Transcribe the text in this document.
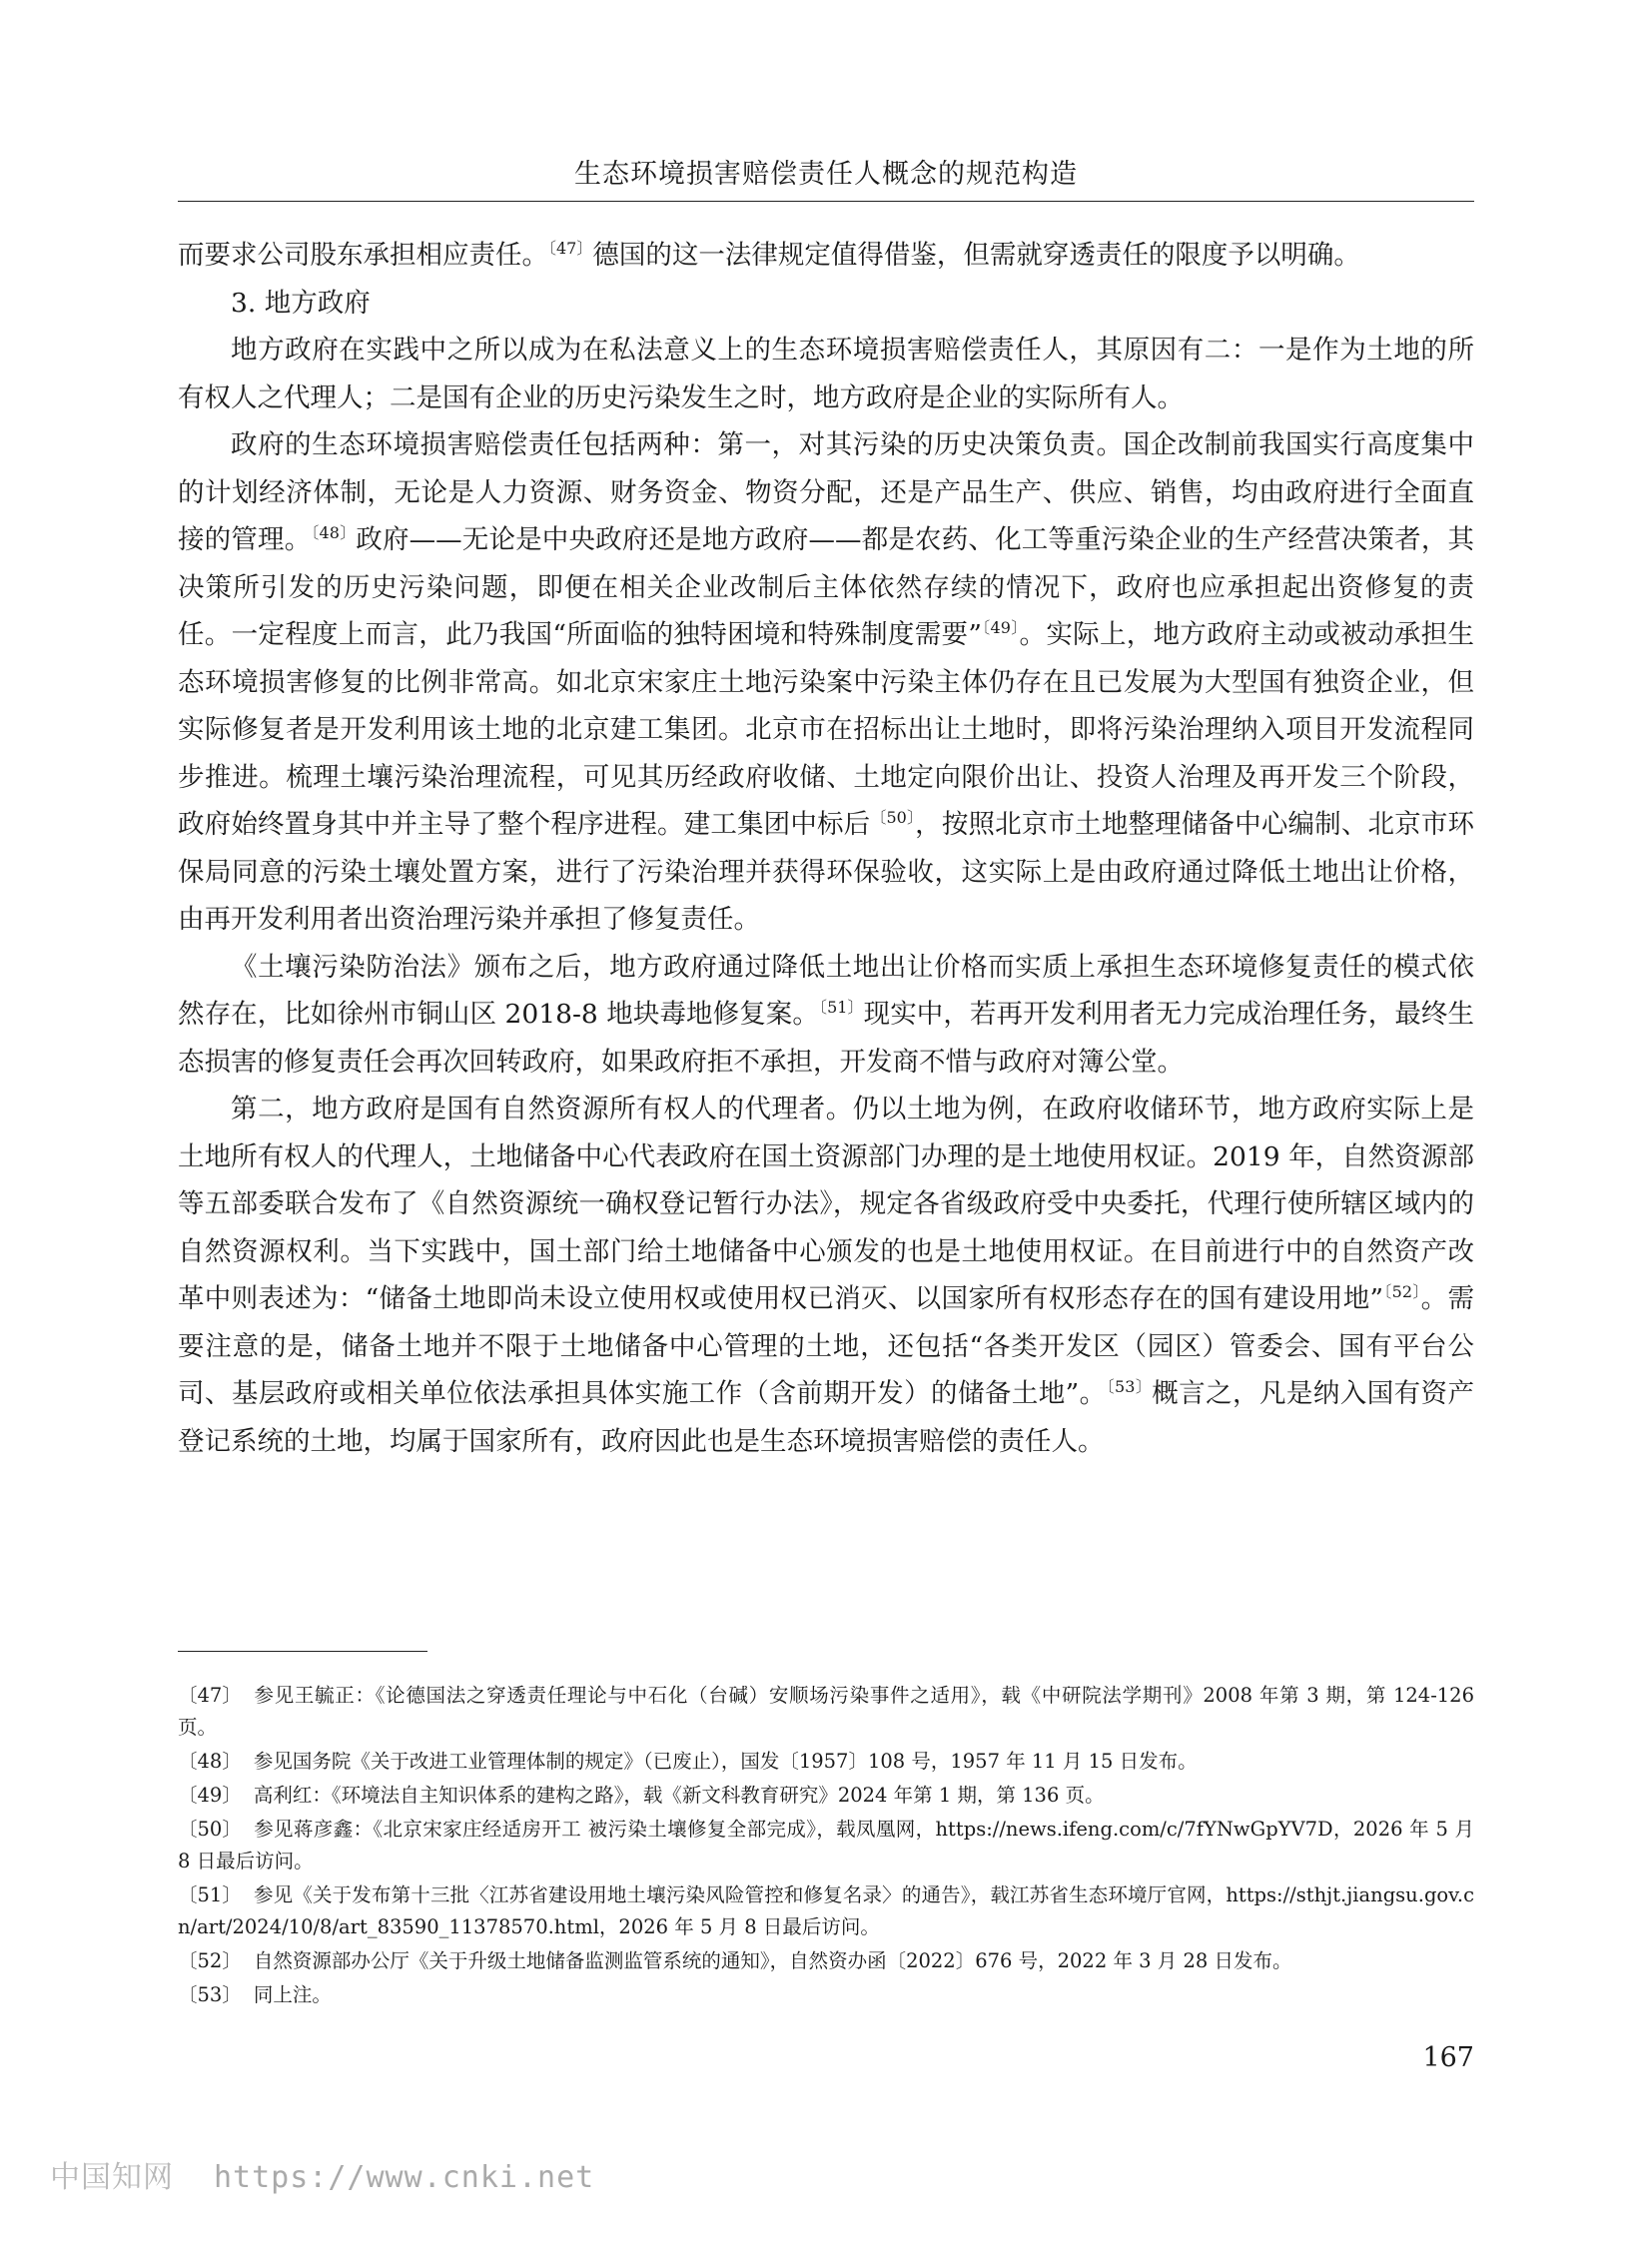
生态环境损害赔偿责任人概念的规范构造

而要求公司股东承担相应责任。$^{〔47〕}$德国的这一法律规定值得借鉴，但需就穿透责任的限度予以明确。

3. 地方政府

地方政府在实践中之所以成为在私法意义上的生态环境损害赔偿责任人，其原因有二：一是作为土地的所有权人之代理人；二是国有企业的历史污染发生之时，地方政府是企业的实际所有人。

政府的生态环境损害赔偿责任包括两种：第一，对其污染的历史决策负责。国企改制前我国实行高度集中的计划经济体制，无论是人力资源、财务资金、物资分配，还是产品生产、供应、销售，均由政府进行全面直接的管理。$^{〔48〕}$政府——无论是中央政府还是地方政府——都是农药、化工等重污染企业的生产经营决策者，其决策所引发的历史污染问题，即便在相关企业改制后主体依然存续的情况下，政府也应承担起出资修复的责任。一定程度上而言，此乃我国“所面临的独特困境和特殊制度需要”$^{〔49〕}$。实际上，地方政府主动或被动承担生态环境损害修复的比例非常高。如北京宋家庄土地污染案中污染主体仍存在且已发展为大型国有独资企业，但实际修复者是开发利用该土地的北京建工集团。北京市在招标出让土地时，即将污染治理纳入项目开发流程同步推进。梳理土壤污染治理流程，可见其历经政府收储、土地定向限价出让、投资人治理及再开发三个阶段，政府始终置身其中并主导了整个程序进程。建工集团中标后$^{〔50〕}$，按照北京市土地整理储备中心编制、北京市环保局同意的污染土壤处置方案，进行了污染治理并获得环保验收，这实际上是由政府通过降低土地出让价格，由再开发利用者出资治理污染并承担了修复责任。

《土壤污染防治法》颁布之后，地方政府通过降低土地出让价格而实质上承担生态环境修复责任的模式依然存在，比如徐州市铜山区 2018-8 地块毒地修复案。$^{〔51〕}$现实中，若再开发利用者无力完成治理任务，最终生态损害的修复责任会再次回转政府，如果政府拒不承担，开发商不惜与政府对簿公堂。

第二，地方政府是国有自然资源所有权人的代理者。仍以土地为例，在政府收储环节，地方政府实际上是土地所有权人的代理人，土地储备中心代表政府在国土资源部门办理的是土地使用权证。2019 年，自然资源部等五部委联合发布了《自然资源统一确权登记暂行办法》，规定各省级政府受中央委托，代理行使所辖区域内的自然资源权利。当下实践中，国土部门给土地储备中心颁发的也是土地使用权证。在目前进行中的自然资产改革中则表述为：“储备土地即尚未设立使用权或使用权已消灭、以国家所有权形态存在的国有建设用地”$^{〔52〕}$。需要注意的是，储备土地并不限于土地储备中心管理的土地，还包括“各类开发区（园区）管委会、国有平台公司、基层政府或相关单位依法承担具体实施工作（含前期开发）的储备土地”。$^{〔53〕}$概言之，凡是纳入国有资产登记系统的土地，均属于国家所有，政府因此也是生态环境损害赔偿的责任人。

〔47〕 参见王毓正：《论德国法之穿透责任理论与中石化（台碱）安顺场污染事件之适用》，载《中研院法学期刊》2008 年第 3 期，第 124-126 页。

〔48〕 参见国务院《关于改进工业管理体制的规定》（已废止），国发〔1957〕108 号，1957 年 11 月 15 日发布。

〔49〕 高利红：《环境法自主知识体系的建构之路》，载《新文科教育研究》2024 年第 1 期，第 136 页。

〔50〕 参见蒋彦鑫：《北京宋家庄经适房开工 被污染土壤修复全部完成》，载凤凰网，https://news.ifeng.com/c/7fYNwGpYV7D，2026 年 5 月 8 日最后访问。

〔51〕 参见《关于发布第十三批〈江苏省建设用地土壤污染风险管控和修复名录〉的通告》，载江苏省生态环境厅官网，https://sthjt.jiangsu.gov.cn/art/2024/10/8/art_83590_11378570.html，2026 年 5 月 8 日最后访问。

〔52〕 自然资源部办公厅《关于升级土地储备监测监管系统的通知》，自然资办函〔2022〕676 号，2022 年 3 月 28 日发布。

〔53〕 同上注。

167
中国知网 https://www.cnki.net
